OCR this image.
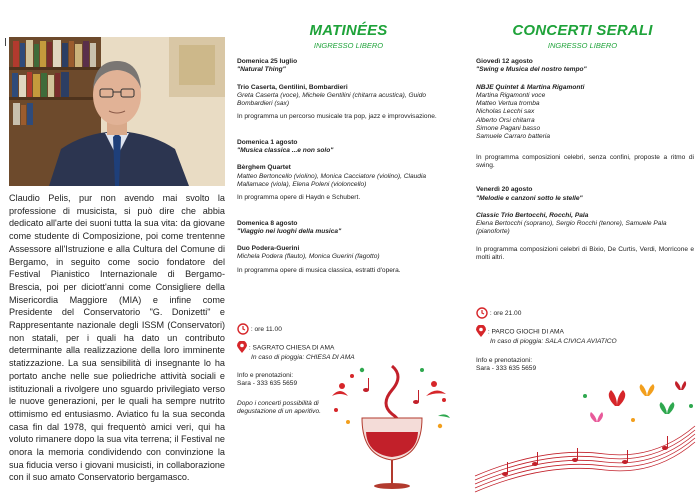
Claudio Pelis, pur non avendo mai svolto la professione di musicista, si può dire che abbia dedicato all'arte dei suoni tutta la sua vita: da giovane come studente di Composizione, poi come trentenne Assessore all'Istruzione e alla Cultura del Comune di Bergamo, in seguito come socio fondatore del Festival Pianistico Internazionale di Bergamo-Brescia, poi per diciott'anni come Consigliere della Misericordia Maggiore (MIA) e infine come Presidente del Conservatorio "G. Donizetti" e Rappresentante nazionale degli ISSM (Conservatori) non statali, per i quali ha dato un contributo determinante alla realizzazione della loro imminente statizzazione. La sua sensibilità di insegnante lo ha portato anche nelle sue poliedriche attività sociali e istituzionali a rivolgere uno sguardo privilegiato verso le nuove generazioni, per le quali ha sempre nutrito ottimismo ed entusiasmo. Aviatico fu la sua seconda casa fin dal 1978, qui frequentò amici veri, qui ha voluto rimanere dopo la sua vita terrena; il Festival ne onora la memoria condividendo con convinzione la sua fiducia verso i giovani musicisti, in collaborazione con il suo amato Conservatorio bergamasco.
MATINÉES
INGRESSO LIBERO
Domenica 25 luglio
"Natural Thing"
Trio Caserta, Gentilini, Bombardieri
Greta Caserta (voce), Michele Gentilini (chitarra acustica), Guido Bombardieri (sax)
In programma un percorso musicale tra pop, jazz e improvvisazione.
Domenica 1 agosto
"Musica classica ...e non solo"
Bèrghem Quartet
Matteo Bertoncello (violino), Monica Cacciatore (violino), Claudia Mallamace (viola), Elena Poleni (violoncello)
In programma opere di Haydn e Schubert.
Domenica 8 agosto
"Viaggio nei luoghi della musica"
Duo Podera-Guerini
Michela Podera (flauto), Monica Guerini (fagotto)
In programma opere di musica classica, estratti d'opera.
: ore 11.00
: SAGRATO CHIESA DI AMA
In caso di pioggia: CHIESA DI AMA
Info e prenotazioni:
Sara - 333 635 5659
Dopo i concerti possibilità di degustazione di un aperitivo.
CONCERTI SERALI
INGRESSO LIBERO
Giovedì 12 agosto
"Swing e Musica del nostro tempo"
NBJE Quintet & Martina Rigamonti
Martina Rigamonti voce
Matteo Vertua tromba
Nicholas Lecchi sax
Alberto Orsi chitarra
Simone Pagani basso
Samuele Carraro batteria
In programma composizioni celebri, senza confini, proposte a ritmo di swing.
Venerdì 20 agosto
"Melodie e canzoni sotto le stelle"
Classic Trio Bertocchi, Rocchi, Pala
Elena Bertocchi (soprano), Sergio Rocchi (tenore), Samuele Pala (pianoforte)
In programma composizioni celebri di Bixio, De Curtis, Verdi, Morricone e molti altri.
: ore 21.00
: PARCO GIOCHI DI AMA
In caso di pioggia: SALA CIVICA AVIATICO
Info e prenotazioni:
Sara - 333 635 5659
